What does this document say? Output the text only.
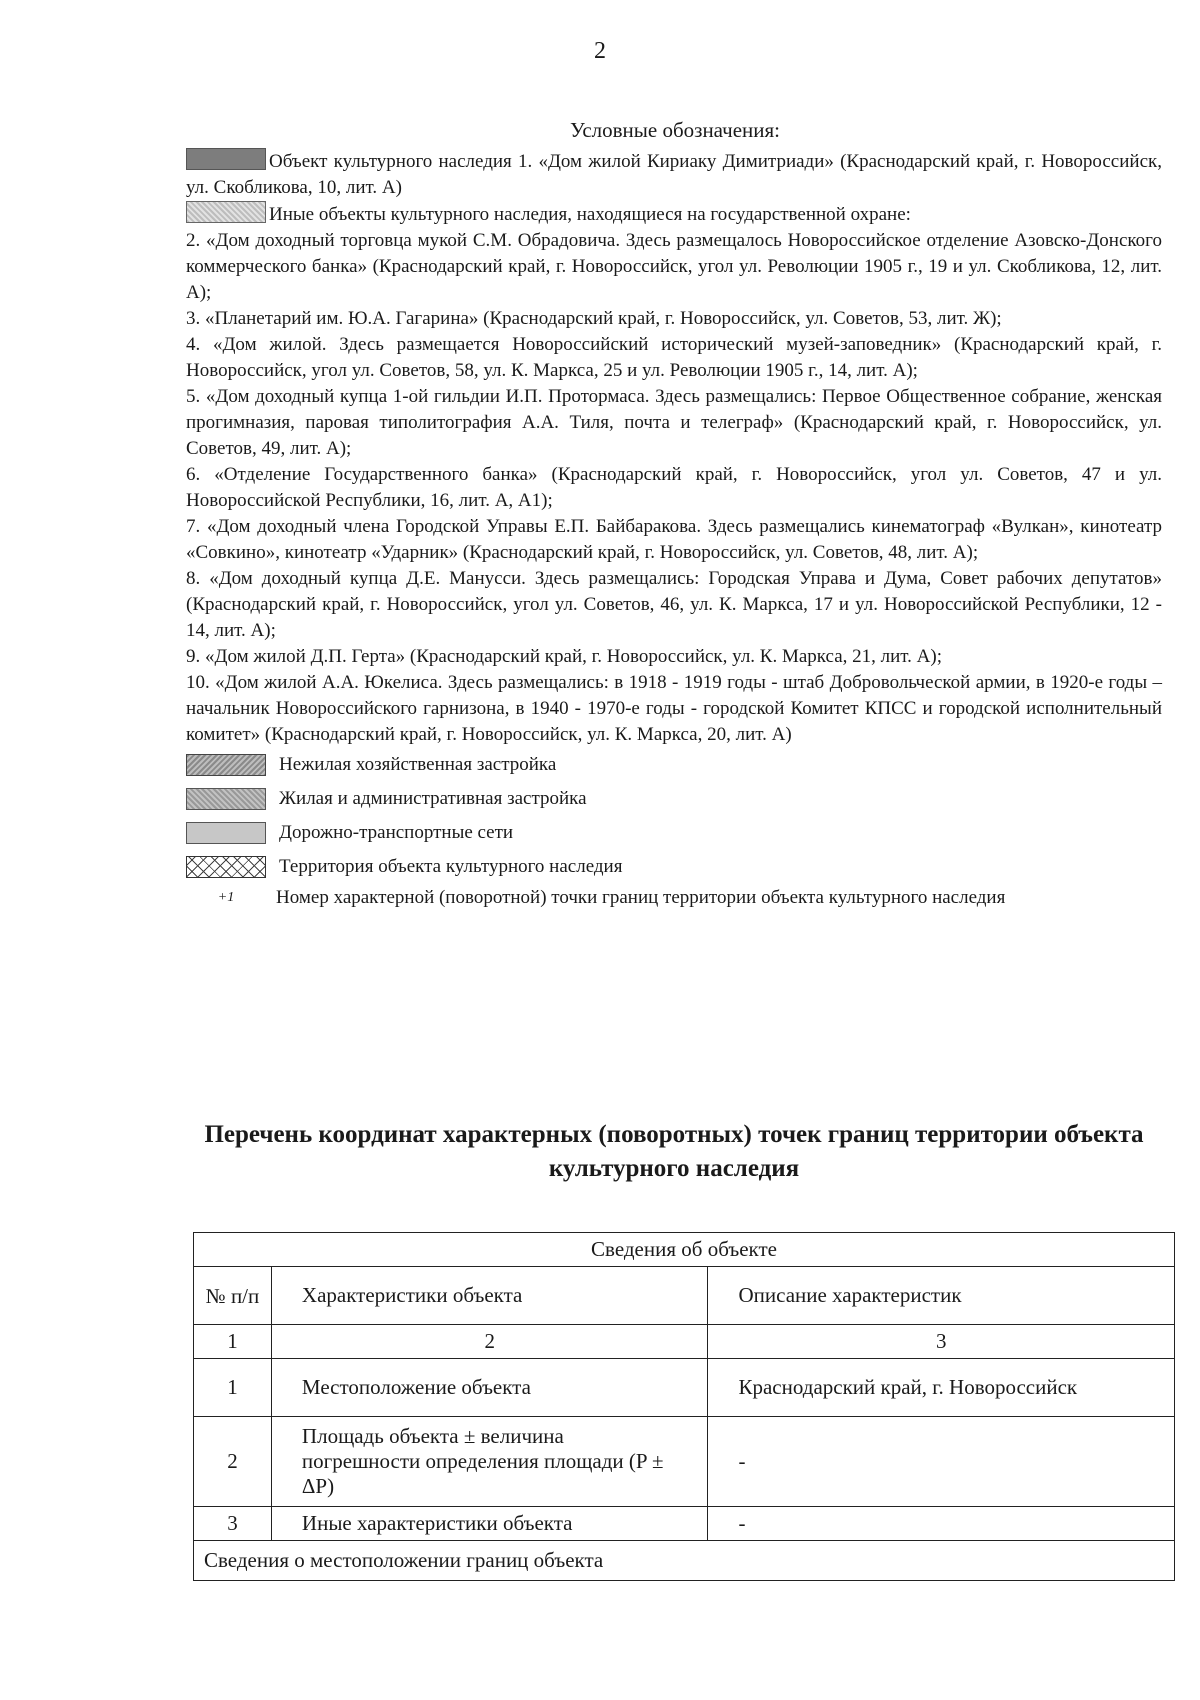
2
Условные обозначения:

Объект культурного наследия 1. «Дом жилой Кириаку Димитриади» (Краснодарский край, г. Новороссийск, ул. Скобликова, 10, лит. А)

Иные объекты культурного наследия, находящиеся на государственной охране:

2. «Дом доходный торговца мукой С.М. Обрадовича. Здесь размещалось Новороссийское отделение Азовско-Донского коммерческого банка» (Краснодарский край, г. Новороссийск, угол ул. Революции 1905 г., 19 и ул. Скобликова, 12, лит. А);

3. «Планетарий им. Ю.А. Гагарина» (Краснодарский край, г. Новороссийск, ул. Советов, 53, лит. Ж);

4. «Дом жилой. Здесь размещается Новороссийский исторический музей-заповедник» (Краснодарский край, г. Новороссийск, угол ул. Советов, 58, ул. К. Маркса, 25 и ул. Революции 1905 г., 14, лит. А);

5. «Дом доходный купца 1-ой гильдии И.П. Протормаса. Здесь размещались: Первое Общественное собрание, женская прогимназия, паровая типолитография А.А. Тиля, почта и телеграф» (Краснодарский край, г. Новороссийск, ул. Советов, 49, лит. А);

6. «Отделение Государственного банка» (Краснодарский край, г. Новороссийск, угол ул. Советов, 47 и ул. Новороссийской Республики, 16, лит. А, А1);

7. «Дом доходный члена Городской Управы Е.П. Байбаракова. Здесь размещались кинематограф «Вулкан», кинотеатр «Совкино», кинотеатр «Ударник» (Краснодарский край, г. Новороссийск, ул. Советов, 48, лит. А);

8. «Дом доходный купца Д.Е. Манусси. Здесь размещались: Городская Управа и Дума, Совет рабочих депутатов» (Краснодарский край, г. Новороссийск, угол ул. Советов, 46, ул. К. Маркса, 17 и ул. Новороссийской Республики, 12 - 14, лит. А);

9. «Дом жилой Д.П. Герта» (Краснодарский край, г. Новороссийск, ул. К. Маркса, 21, лит. А);

10. «Дом жилой А.А. Юкелиса. Здесь размещались: в 1918 - 1919 годы - штаб Добровольческой армии, в 1920-е годы – начальник Новороссийского гарнизона, в 1940 - 1970-е годы - городской Комитет КПСС и городской исполнительный комитет» (Краснодарский край, г. Новороссийск, ул. К. Маркса, 20, лит. А)

Нежилая хозяйственная застройка
Жилая и административная застройка
Дорожно-транспортные сети
Территория объекта культурного наследия
+1	Номер характерной (поворотной) точки границ территории объекта культурного наследия
Перечень координат характерных (поворотных) точек границ территории объекта культурного наследия
Сведения об объекте		
№ п/п	Характеристики объекта	Описание характеристик
1	2	3
1	Местоположение объекта	Краснодарский край, г. Новороссийск
2	Площадь объекта ± величина погрешности определения площади (P ± ΔP)	-
3	Иные характеристики объекта	-
Сведения о местоположении границ объекта		
